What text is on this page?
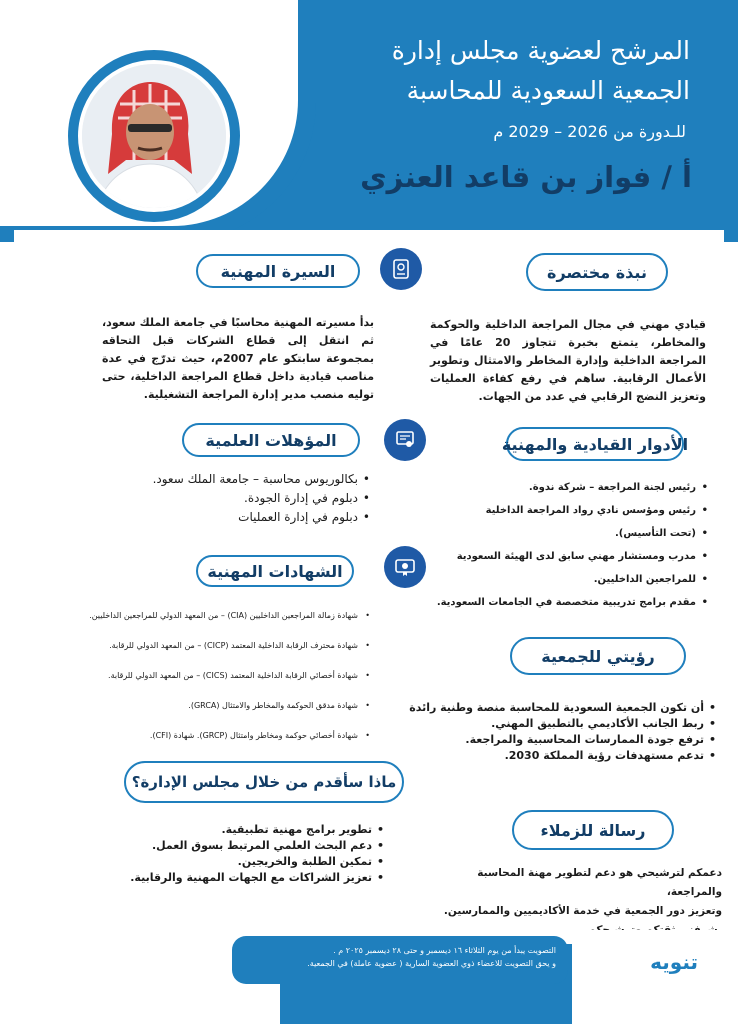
المرشح لعضوية مجلس إدارة
الجمعية السعودية للمحاسبة
للـدورة من 2026 – 2029 م
أ / فواز بن قاعد العنزي
نبذة مختصرة
قيادي مهني في مجال المراجعة الداخلية والحوكمة والمخاطر، يتمتع بخبرة تتجاوز 20 عامًا في المراجعة الداخلية وإدارة المخاطر والامتثال وتطوير الأعمال الرقابية. ساهم في رفع كفاءة العمليات وتعزيز النضج الرقابي في عدد من الجهات.
السيرة المهنية
بدأ مسيرته المهنية محاسبًا في جامعة الملك سعود، ثم انتقل إلى قطاع الشركات قبل التحاقه بمجموعة سابتكو عام 2007م، حيث تدرّج في عدة مناصب قيادية داخل قطاع المراجعة الداخلية، حتى توليه منصب مدير إدارة المراجعة التشغيلية.
الأدوار القيادية والمهنية
• رئيس لجنة المراجعة – شركة ندوة.
• رئيس ومؤسس نادي رواد المراجعة الداخلية
• (تحت التأسيس).
• مدرب ومستشار مهني سابق لدى الهيئة السعودية
• للمراجعين الداخليين.
• مقدم برامج تدريبية متخصصة في الجامعات السعودية.
المؤهلات العلمية
• بكالوريوس محاسبة – جامعة الملك سعود.
• دبلوم في إدارة الجودة.
• دبلوم في إدارة العمليات
الشهادات المهنية
• شهادة زمالة المراجعين الداخليين (CIA) – من المعهد الدولي للمراجعين الداخليين.
• شهادة محترف الرقابة الداخلية المعتمد (CICP) – من المعهد الدولي للرقابة.
• شهادة أخصائي الرقابة الداخلية المعتمد (CICS) – من المعهد الدولي للرقابة.
• شهادة مدقق الحوكمة والمخاطر والامتثال (GRCA).
• شهادة أخصائي حوكمة ومخاطر وامتثال (GRCP). شهادة (CFI).
رؤيتي للجمعية
• أن تكون الجمعية السعودية للمحاسبة منصة وطنية رائدة
• ربط الجانب الأكاديمي بالتطبيق المهني.
• ترفع جودة الممارسات المحاسبية والمراجعة.
• تدعم مستهدفات رؤية المملكة 2030.
ماذا سأقدم من خلال مجلس الإدارة؟
• تطوير برامج مهنية تطبيقية.
• دعم البحث العلمي المرتبط بسوق العمل.
• تمكين الطلبة والخريجين.
• تعزيز الشراكات مع الجهات المهنية والرقابية.
رسالة للزملاء
دعمكم لترشيحي هو دعم لتطوير مهنة المحاسبة والمراجعة،
وتعزيز دور الجمعية في خدمة الأكاديميين والممارسين.
التصويت يبدأ من يوم الثلاثاء ١٦ ديسمبر و حتى ٢٨ ديسمبر ٢٠٢٥ م .
و يحق التصويت للاعضاء ذوي العضوية السارية ( عضوية عاملة) في الجمعية.	تنويه
